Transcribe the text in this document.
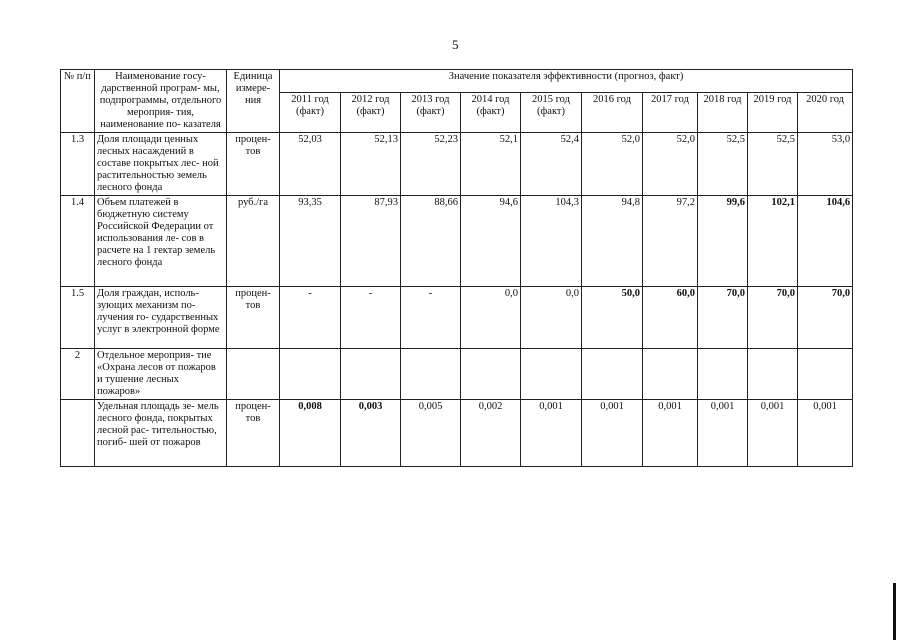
5
№ п/п	Наименование госу- дарственной програм- мы, подпрограммы, отдельного мероприя- тия, наименование по- казателя	Единица измере- ния	Значение показателя эффективности (прогноз, факт)									
			2011 год (факт)	2012 год (факт)	2013 год (факт)	2014 год (факт)	2015 год (факт)	2016 год	2017 год	2018 год	2019 год	2020 год
1.3	Доля площади ценных лесных насаждений в составе покрытых лес- ной растительностью земель лесного фонда	процен- тов	52,03	52,13	52,23	52,1	52,4	52,0	52,0	52,5	52,5	53,0
1.4	Объем платежей в бюджетную систему Российской Федерации от использования ле- сов в расчете на 1 гектар земель лесного фонда	руб./га	93,35	87,93	88,66	94,6	104,3	94,8	97,2	99,6	102,1	104,6
1.5	Доля граждан, исполь- зующих механизм по- лучения го- сударственных услуг в электронной форме	процен- тов	-	-	-	0,0	0,0	50,0	60,0	70,0	70,0	70,0
2	Отдельное мероприя- тие «Охрана лесов от пожаров и тушение лесных пожаров»											
	Удельная площадь зе- мель лесного фонда, покрытых лесной рас- тительностью, погиб- шей от пожаров	процен- тов	0,008	0,003	0,005	0,002	0,001	0,001	0,001	0,001	0,001	0,001
